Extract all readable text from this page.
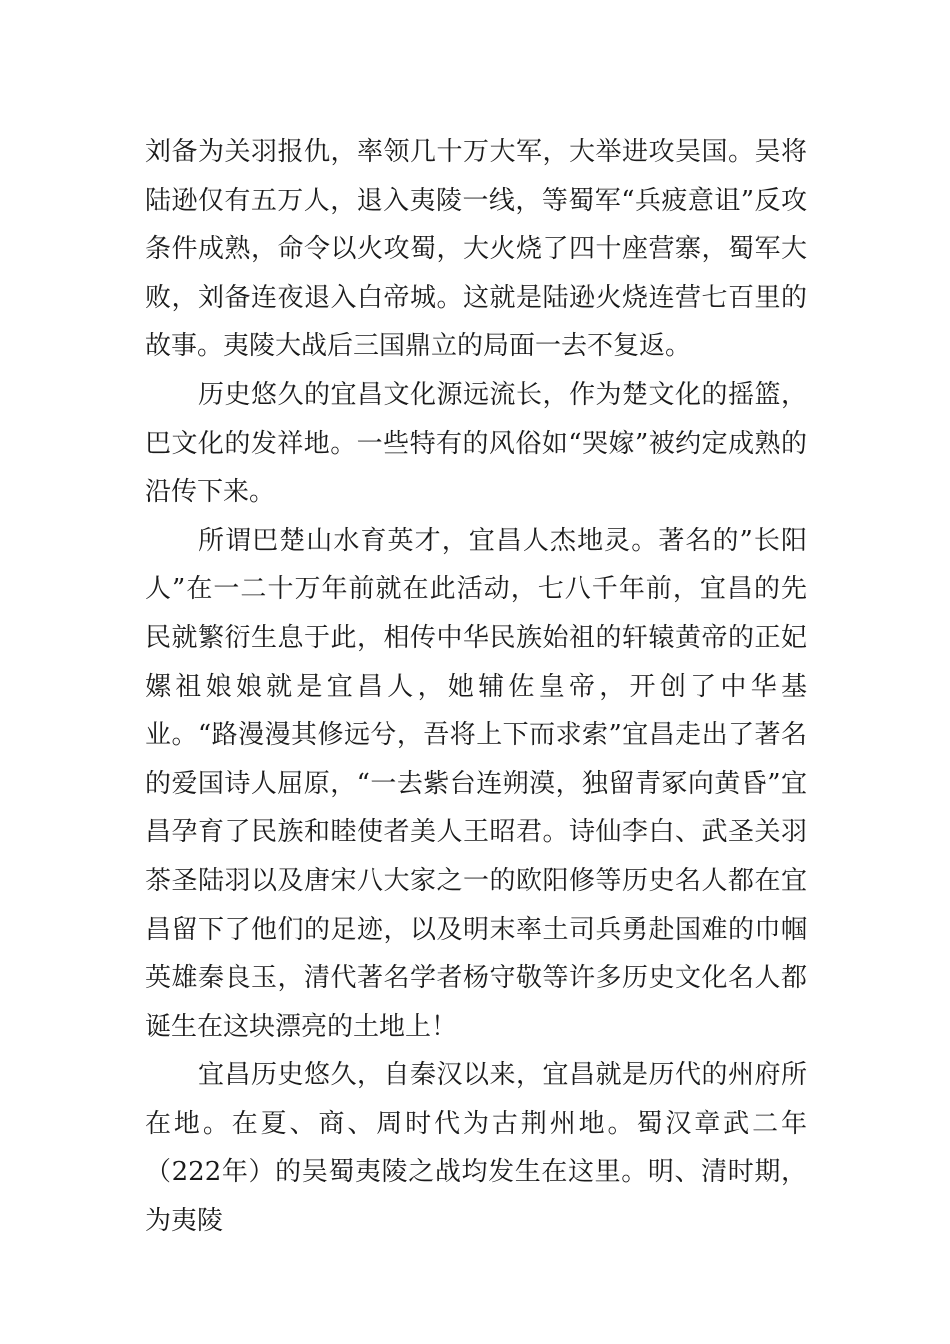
刘备为关羽报仇，率领几十万大军，大举进攻吴国。吴将陆逊仅有五万人，退入夷陵一线，等蜀军“兵疲意诅”反攻条件成熟，命令以火攻蜀，大火烧了四十座营寨，蜀军大败，刘备连夜退入白帝城。这就是陆逊火烧连营七百里的故事。夷陵大战后三国鼎立的局面一去不复返。

历史悠久的宜昌文化源远流长，作为楚文化的摇篮，巴文化的发祥地。一些特有的风俗如“哭嫁”被约定成熟的沿传下来。

所谓巴楚山水育英才，宜昌人杰地灵。著名的”长阳人”在一二十万年前就在此活动，七八千年前，宜昌的先民就繁衍生息于此，相传中华民族始祖的轩辕黄帝的正妃嫘祖娘娘就是宜昌人，她辅佐皇帝，开创了中华基业。“路漫漫其修远兮，吾将上下而求索”宜昌走出了著名的爱国诗人屈原，“一去紫台连朔漠，独留青冢向黄昏”宜昌孕育了民族和睦使者美人王昭君。诗仙李白、武圣关羽茶圣陆羽以及唐宋八大家之一的欧阳修等历史名人都在宜昌留下了他们的足迹，以及明末率土司兵勇赴国难的巾帼英雄秦良玉，清代著名学者杨守敬等许多历史文化名人都诞生在这块漂亮的土地上！

宜昌历史悠久，自秦汉以来，宜昌就是历代的州府所在地。在夏、商、周时代为古荆州地。蜀汉章武二年（222年）的吴蜀夷陵之战均发生在这里。明、清时期，为夷陵
